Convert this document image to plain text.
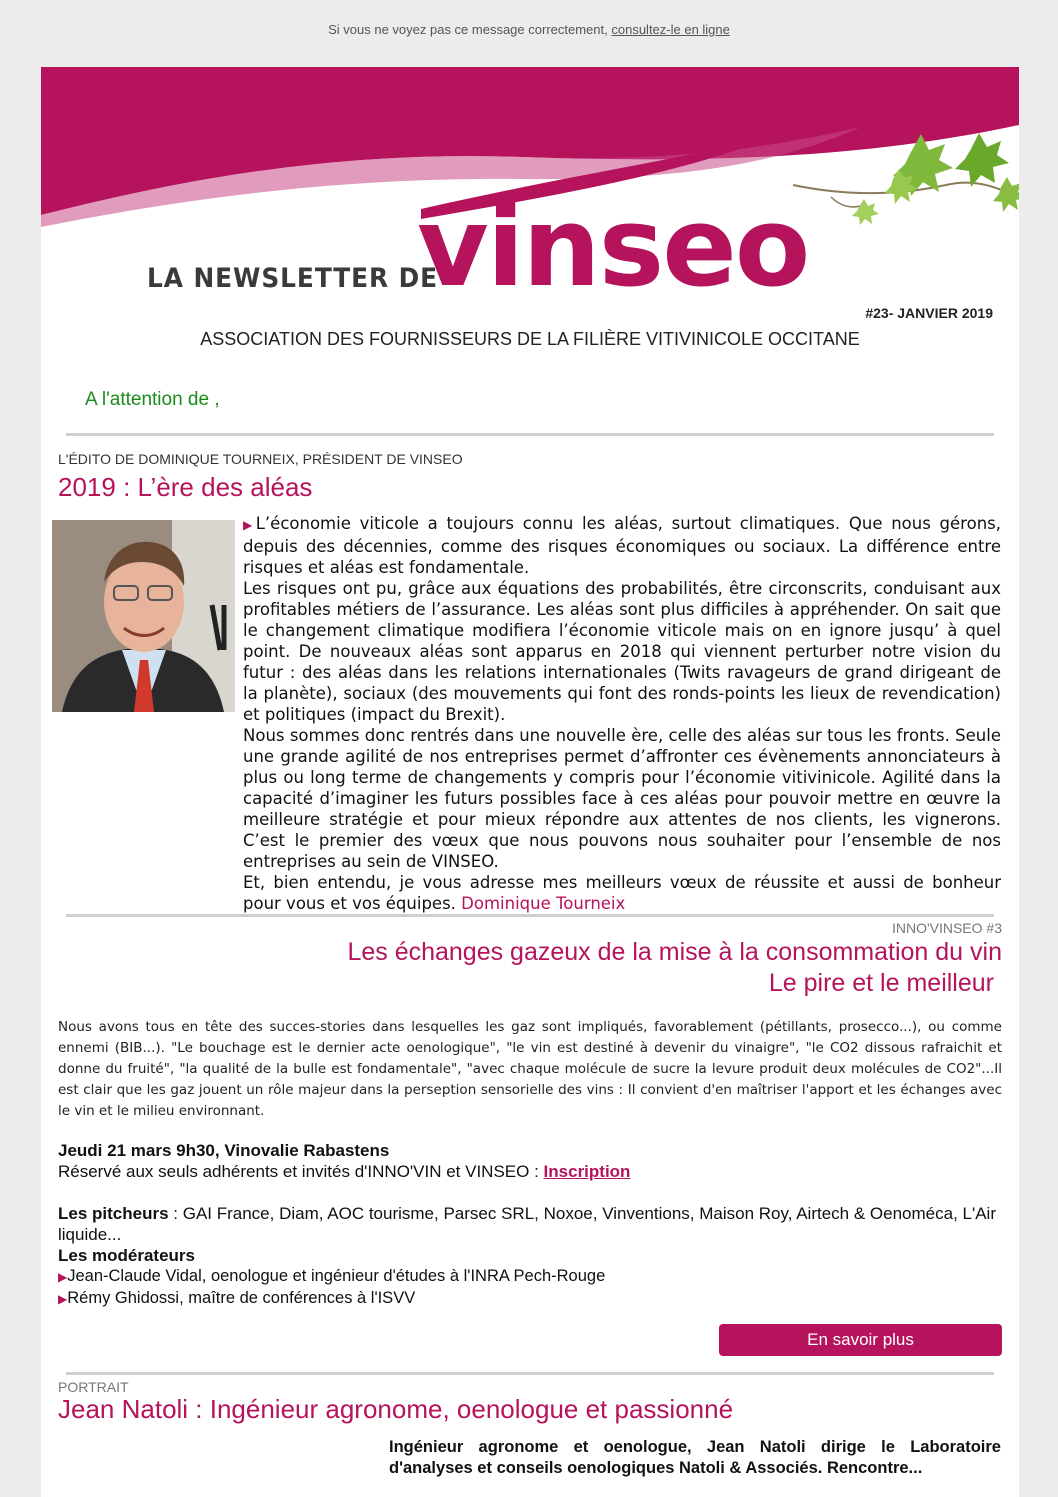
Si vous ne voyez pas ce message correctement, consultez-le en ligne
LA NEWSLETTER DE
vinseo
#23- JANVIER 2019
ASSOCIATION DES FOURNISSEURS DE LA FILIÈRE VITIVINICOLE OCCITANE
A l'attention de ,
L'ÉDITO DE DOMINIQUE TOURNEIX, PRÉSIDENT DE VINSEO
2019 : L’ère des aléas

▶L’économie viticole a toujours connu les aléas, surtout climatiques. Que nous gérons, depuis des décennies, comme des risques économiques ou sociaux. La différence entre risques et aléas est fondamentale.

Les risques ont pu, grâce aux équations des probabilités, être circonscrits, conduisant aux profitables métiers de l’assurance. Les aléas sont plus difficiles à appréhender. On sait que le changement climatique modifiera l’économie viticole mais on en ignore jusqu’ à quel point. De nouveaux aléas sont apparus en 2018 qui viennent perturber notre vision du futur : des aléas dans les relations internationales (Twits ravageurs de grand dirigeant de la planète), sociaux (des mouvements qui font des ronds-points les lieux de revendication) et politiques (impact du Brexit).

Nous sommes donc rentrés dans une nouvelle ère, celle des aléas sur tous les fronts. Seule une grande agilité de nos entreprises permet d’affronter ces évènements annonciateurs à plus ou long terme de changements y compris pour l’économie vitivinicole. Agilité dans la capacité d’imaginer les futurs possibles face à ces aléas pour pouvoir mettre en œuvre la meilleure stratégie et pour mieux répondre aux attentes de nos clients, les vignerons. C’est le premier des vœux que nous pouvons nous souhaiter pour l’ensemble de nos entreprises au sein de VINSEO.

Et, bien entendu, je vous adresse mes meilleurs vœux de réussite et aussi de bonheur pour vous et vos équipes. Dominique Tourneix

INNO'VINSEO #3
Les échanges gazeux de la mise à la consommation du vin
Le pire et le meilleur
Nous avons tous en tête des succes-stories dans lesquelles les gaz sont impliqués, favorablement (pétillants, prosecco...), ou comme ennemi (BIB...). "Le bouchage est le dernier acte oenologique", "le vin est destiné à devenir du vinaigre", "le CO2 dissous rafraichit et donne du fruité", "la qualité de la bulle est fondamentale", "avec chaque molécule de sucre la levure produit deux molécules de CO2"...Il est clair que les gaz jouent un rôle majeur dans la perseption sensorielle des vins : Il convient d'en maîtriser l'apport et les échanges avec le vin et le milieu environnant.
Jeudi 21 mars 9h30, Vinovalie Rabastens
Réservé aux seuls adhérents et invités d'INNO'VIN et VINSEO : Inscription
Les pitcheurs : GAI France, Diam, AOC tourisme, Parsec SRL, Noxoe, Vinventions, Maison Roy, Airtech & Oenoméca, L'Air liquide...
Les modérateurs
▶Jean-Claude Vidal, oenologue et ingénieur d'études à l'INRA Pech-Rouge
▶Rémy Ghidossi, maître de conférences à l'ISVV
En savoir plus
PORTRAIT
Jean Natoli : Ingénieur agronome, oenologue et passionné
Ingénieur agronome et oenologue, Jean Natoli dirige le Laboratoire d'analyses et conseils oenologiques Natoli & Associés. Rencontre...
